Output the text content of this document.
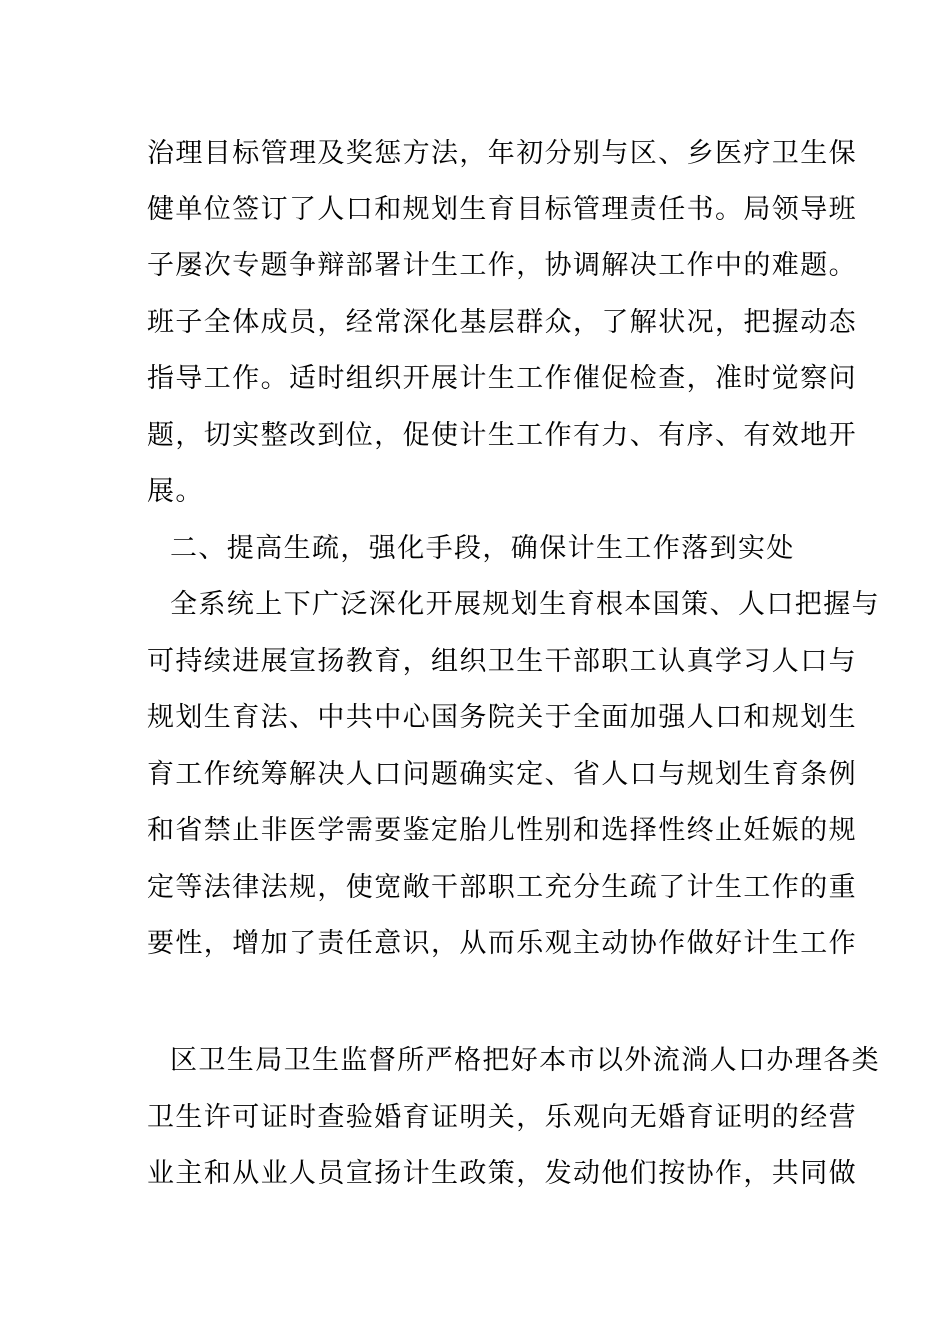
治理目标管理及奖惩方法，年初分别与区、乡医疗卫生保
健单位签订了人口和规划生育目标管理责任书。局领导班
子屡次专题争辩部署计生工作，协调解决工作中的难题。
班子全体成员，经常深化基层群众，了解状况，把握动态
指导工作。适时组织开展计生工作催促检查，准时觉察问
题，切实整改到位，促使计生工作有力、有序、有效地开
展。
二、提高生疏，强化手段，确保计生工作落到实处
全系统上下广泛深化开展规划生育根本国策、人口把握与
可持续进展宣扬教育，组织卫生干部职工认真学习人口与
规划生育法、中共中心国务院关于全面加强人口和规划生
育工作统筹解决人口问题确实定、省人口与规划生育条例
和省禁止非医学需要鉴定胎儿性别和选择性终止妊娠的规
定等法律法规，使宽敞干部职工充分生疏了计生工作的重
要性，增加了责任意识，从而乐观主动协作做好计生工作
区卫生局卫生监督所严格把好本市以外流淌人口办理各类
卫生许可证时查验婚育证明关，乐观向无婚育证明的经营
业主和从业人员宣扬计生政策，发动他们按协作，共同做
